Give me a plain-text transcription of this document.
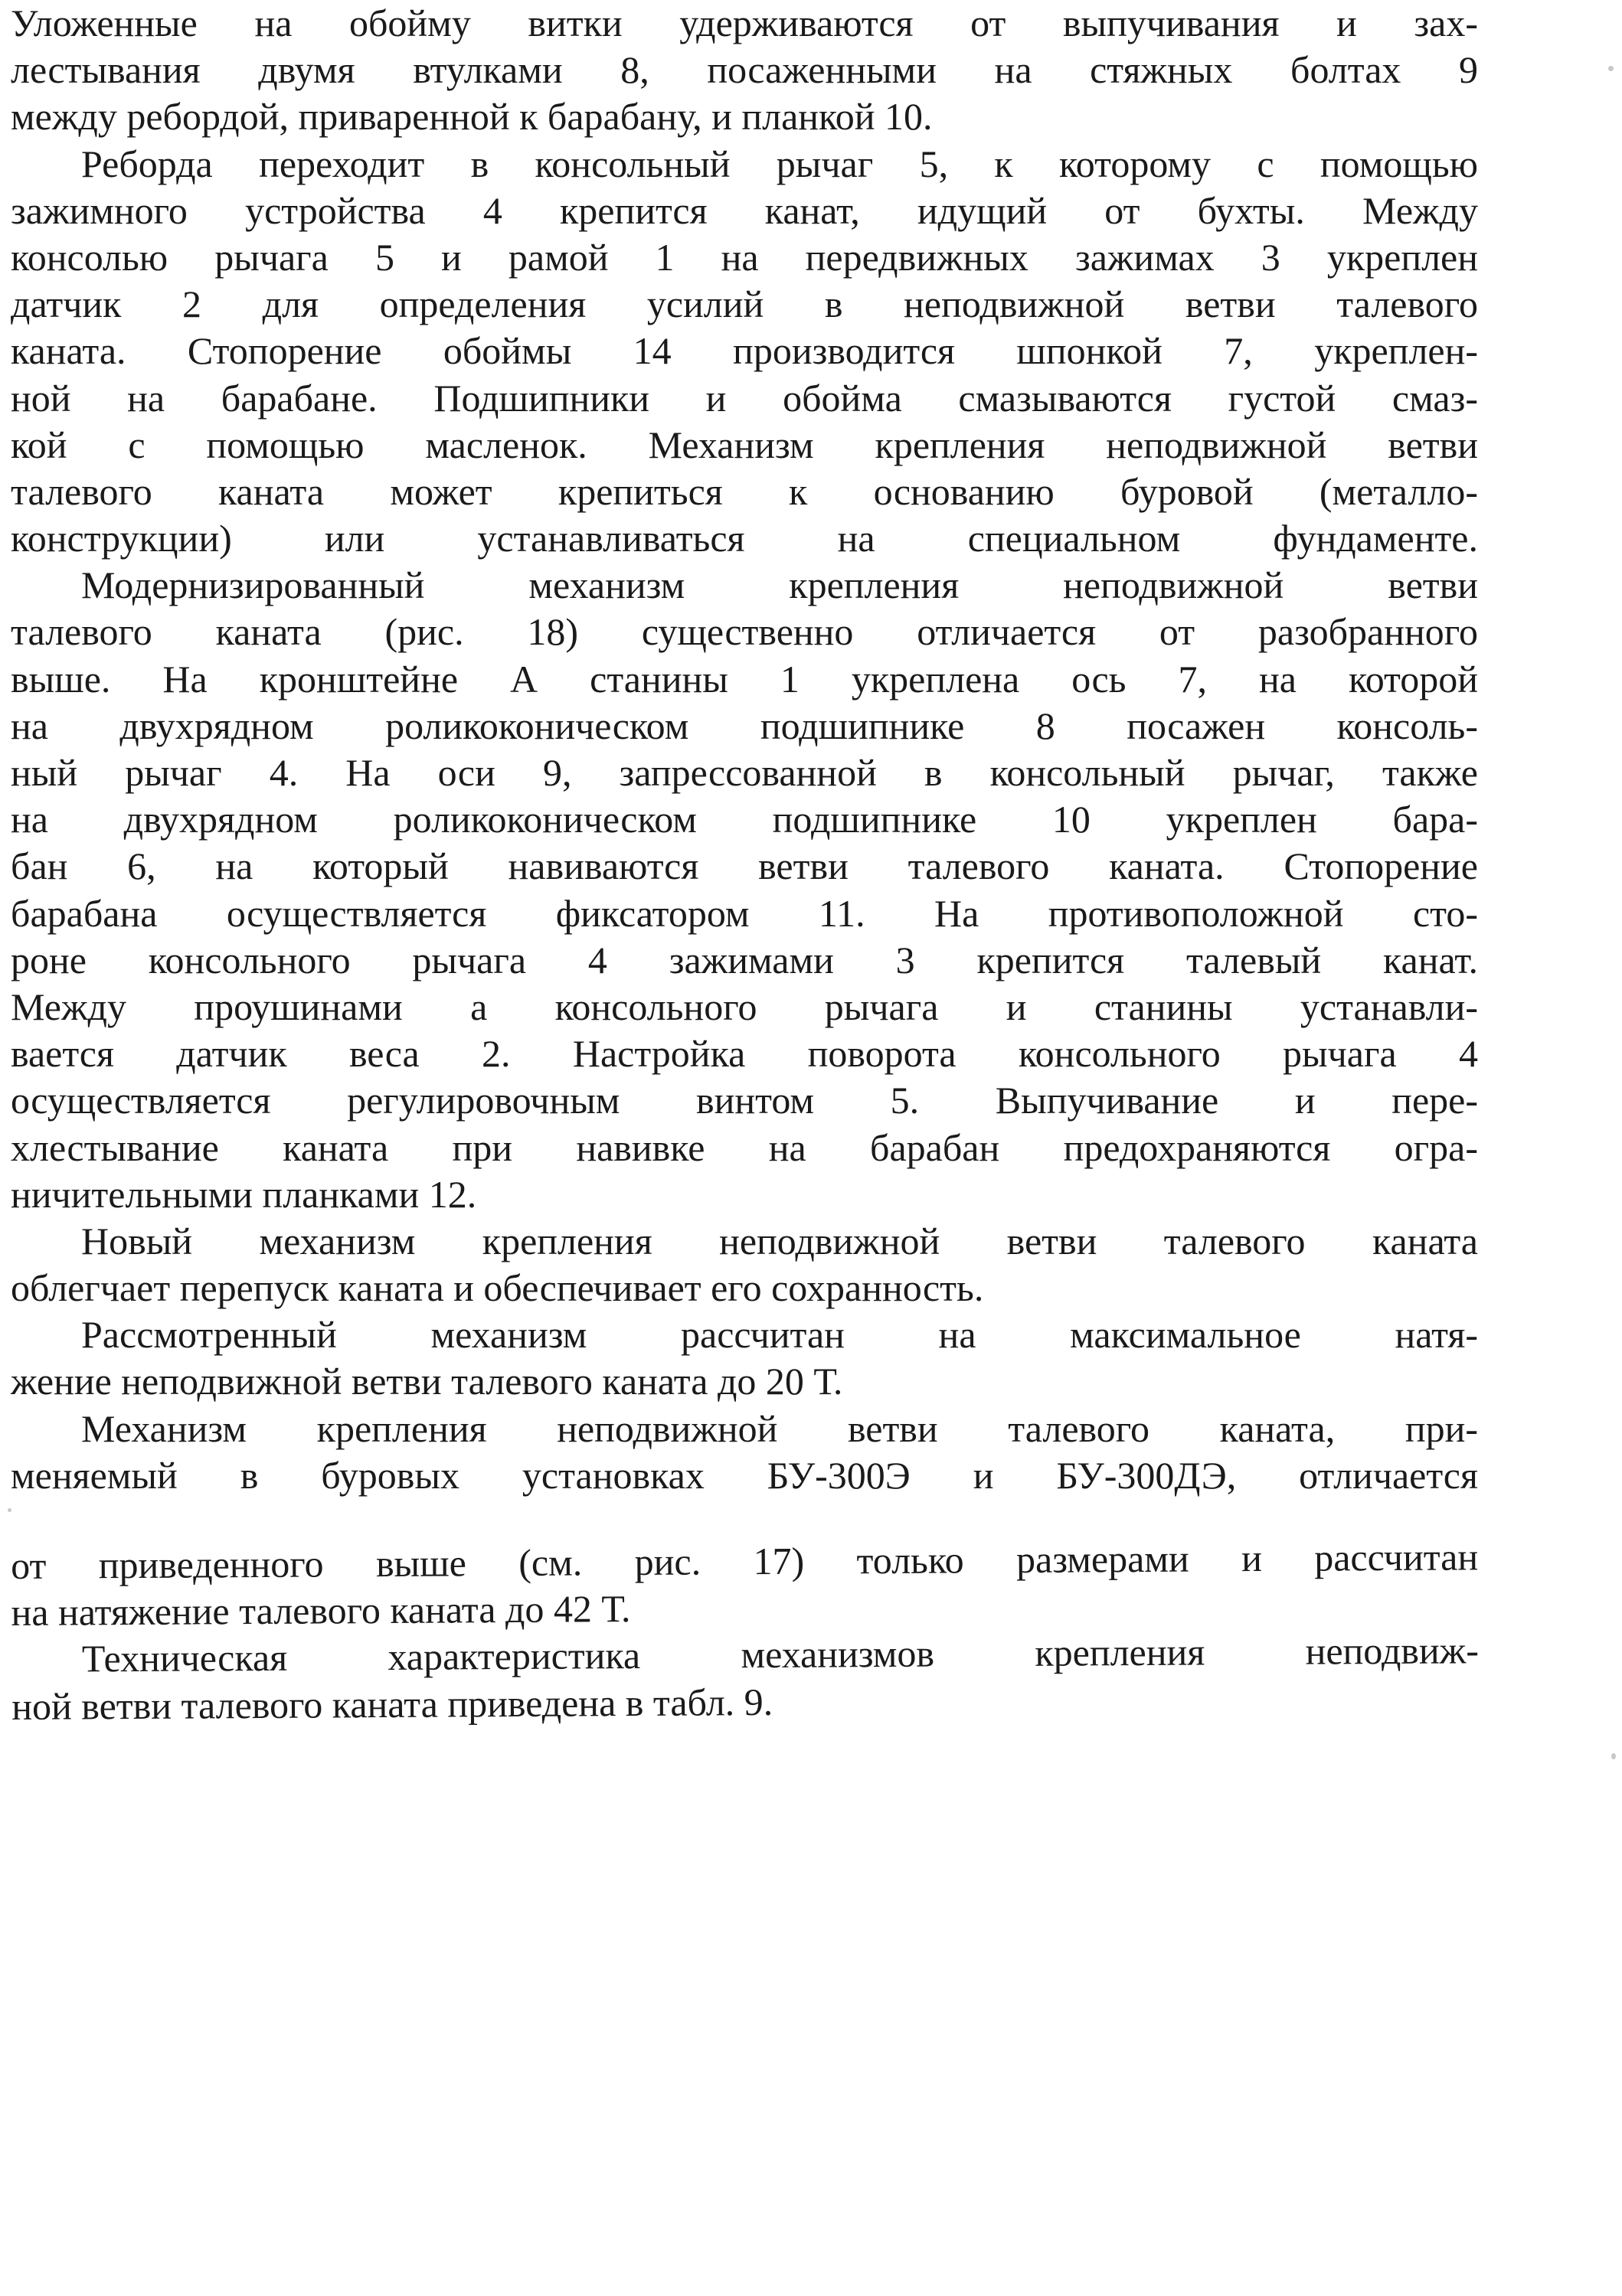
Уложенные на обойму витки удерживаются от выпучивания и зах-
лестывания двумя втулками 8, посаженными на стяжных болтах 9
между ребордой, приваренной к барабану, и планкой 10.
Реборда переходит в консольный рычаг 5, к которому с помощью
зажимного устройства 4 крепится канат, идущий от бухты. Между
консолью рычага 5 и рамой 1 на передвижных зажимах 3 укреплен
датчик 2 для определения усилий в неподвижной ветви талевого
каната. Стопорение обоймы 14 производится шпонкой 7, укреплен-
ной на барабане. Подшипники и обойма смазываются густой смаз-
кой с помощью масленок. Механизм крепления неподвижной ветви
талевого каната может крепиться к основанию буровой (металло-
конструкции) или устанавливаться на специальном фундаменте.
Модернизированный механизм крепления неподвижной ветви
талевого каната (рис. 18) существенно отличается от разобранного
выше. На кронштейне А станины 1 укреплена ось 7, на которой
на двухрядном роликоконическом подшипнике 8 посажен консоль-
ный рычаг 4. На оси 9, запрессованной в консольный рычаг, также
на двухрядном роликоконическом подшипнике 10 укреплен бара-
бан 6, на который навиваются ветви талевого каната. Стопорение
барабана осуществляется фиксатором 11. На противоположной сто-
роне консольного рычага 4 зажимами 3 крепится талевый канат.
Между проушинами a консольного рычага и станины устанавли-
вается датчик веса 2. Настройка поворота консольного рычага 4
осуществляется регулировочным винтом 5. Выпучивание и пере-
хлестывание каната при навивке на барабан предохраняются огра-
ничительными планками 12.
Новый механизм крепления неподвижной ветви талевого каната
облегчает перепуск каната и обеспечивает его сохранность.
Рассмотренный механизм рассчитан на максимальное натя-
жение неподвижной ветви талевого каната до 20 Т.
Механизм крепления неподвижной ветви талевого каната, при-
меняемый в буровых установках БУ-300Э и БУ-300ДЭ, отличается
от приведенного выше (см. рис. 17) только размерами и рассчитан
на натяжение талевого каната до 42 Т.
Техническая характеристика механизмов крепления неподвиж-
ной ветви талевого каната приведена в табл. 9.
